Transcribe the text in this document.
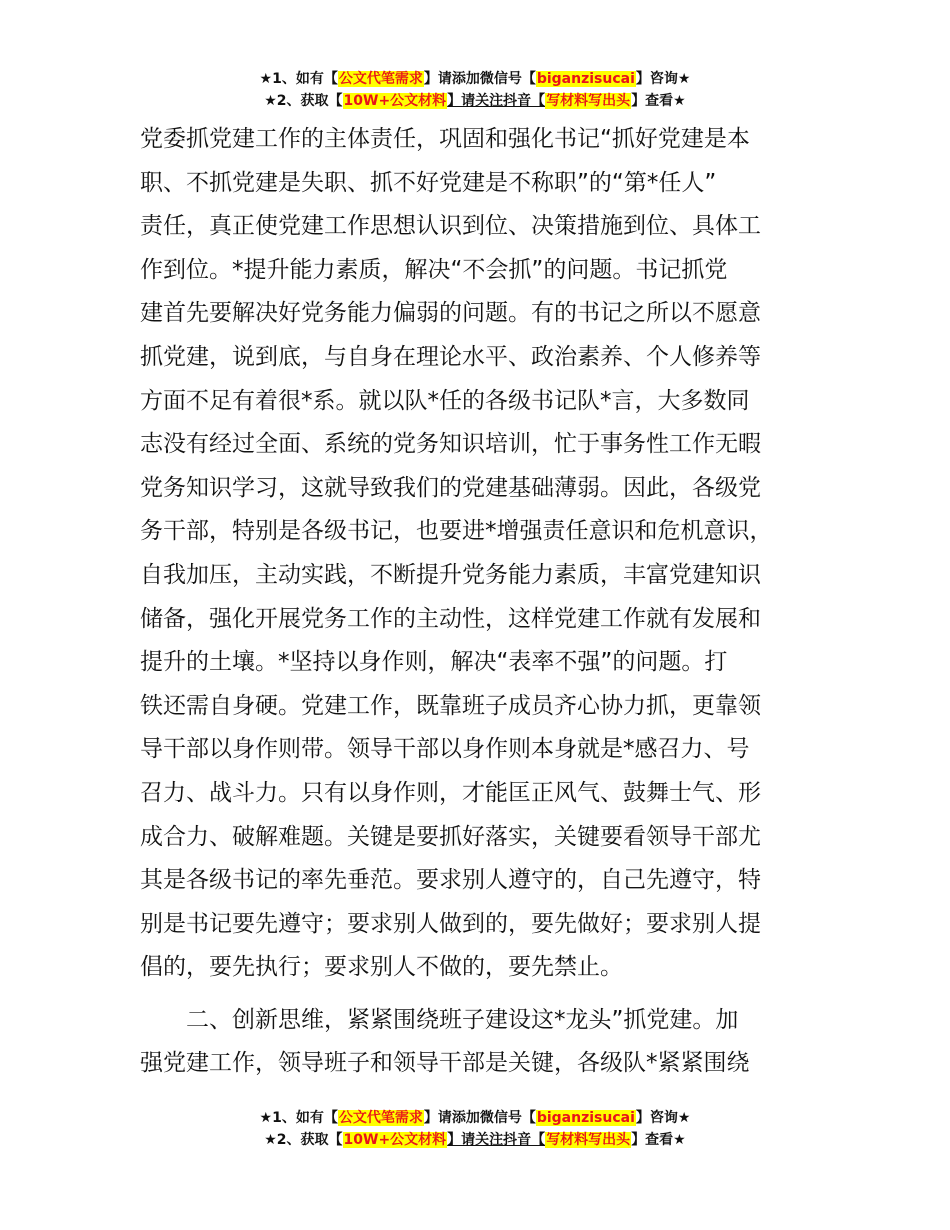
★1、如有【公文代笔需求】请添加微信号【biganzisucai】咨询★
★2、获取【10W+公文材料】请关注抖音【写材料写出头】查看★

党委抓党建工作的主体责任，巩固和强化书记“抓好党建是本
职、不抓党建是失职、抓不好党建是不称职”的“第*任人”
责任，真正使党建工作思想认识到位、决策措施到位、具体工
作到位。*提升能力素质，解决“不会抓”的问题。书记抓党
建首先要解决好党务能力偏弱的问题。有的书记之所以不愿意
抓党建，说到底，与自身在理论水平、政治素养、个人修养等
方面不足有着很*系。就以队*任的各级书记队*言，大多数同
志没有经过全面、系统的党务知识培训，忙于事务性工作无暇
党务知识学习，这就导致我们的党建基础薄弱。因此，各级党
务干部，特别是各级书记，也要进*增强责任意识和危机意识，
自我加压，主动实践，不断提升党务能力素质，丰富党建知识
储备，强化开展党务工作的主动性，这样党建工作就有发展和
提升的土壤。*坚持以身作则，解决“表率不强”的问题。打
铁还需自身硬。党建工作，既靠班子成员齐心协力抓，更靠领
导干部以身作则带。领导干部以身作则本身就是*感召力、号
召力、战斗力。只有以身作则，才能匡正风气、鼓舞士气、形
成合力、破解难题。关键是要抓好落实，关键要看领导干部尤
其是各级书记的率先垂范。要求别人遵守的，自己先遵守，特
别是书记要先遵守；要求别人做到的，要先做好；要求别人提
倡的，要先执行；要求别人不做的，要先禁止。

二、创新思维，紧紧围绕班子建设这*龙头”抓党建。加
强党建工作，领导班子和领导干部是关键，各级队*紧紧围绕

★1、如有【公文代笔需求】请添加微信号【biganzisucai】咨询★
★2、获取【10W+公文材料】请关注抖音【写材料写出头】查看★
